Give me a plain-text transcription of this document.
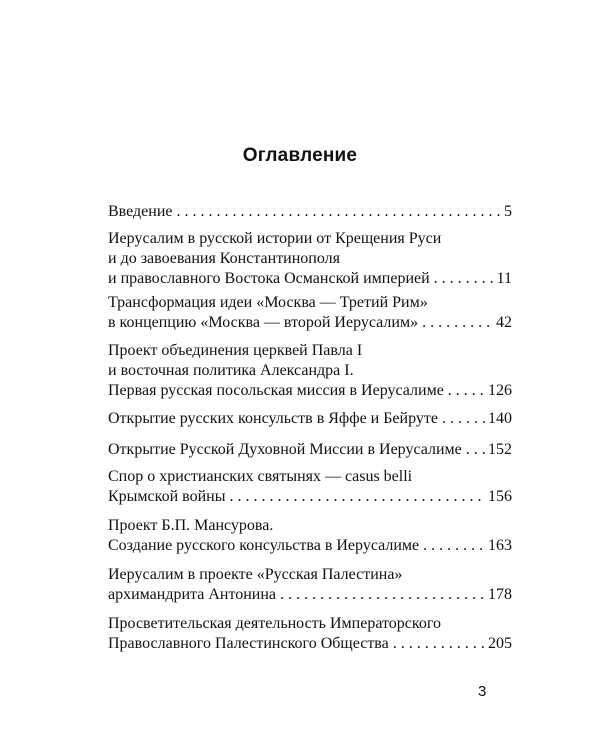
Оглавление
Введение . . .	5
Иерусалим в русской истории от Крещения Руси
и до завоевания Константинополя
и православного Востока Османской империей . . .	11
Трансформация идеи «Москва — Третий Рим»
в концепцию «Москва — второй Иерусалим» . . .	42
Проект объединения церквей Павла I
и восточная политика Александра I.
Первая русская посольская миссия в Иерусалиме . . .	126
Открытие русских консульств в Яффе и Бейруте . . .	140
Открытие Русской Духовной Миссии в Иерусалиме . . . 152
Спор о христианских святынях — casus belli
Крымской войны . . .	156
Проект Б.П. Мансурова.
Создание русского консульства в Иерусалиме . . .	163
Иерусалим в проекте «Русская Палестина»
архимандрита Антонина . . .	178
Просветительская деятельность Императорского
Православного Палестинского Общества . . .	205
3
